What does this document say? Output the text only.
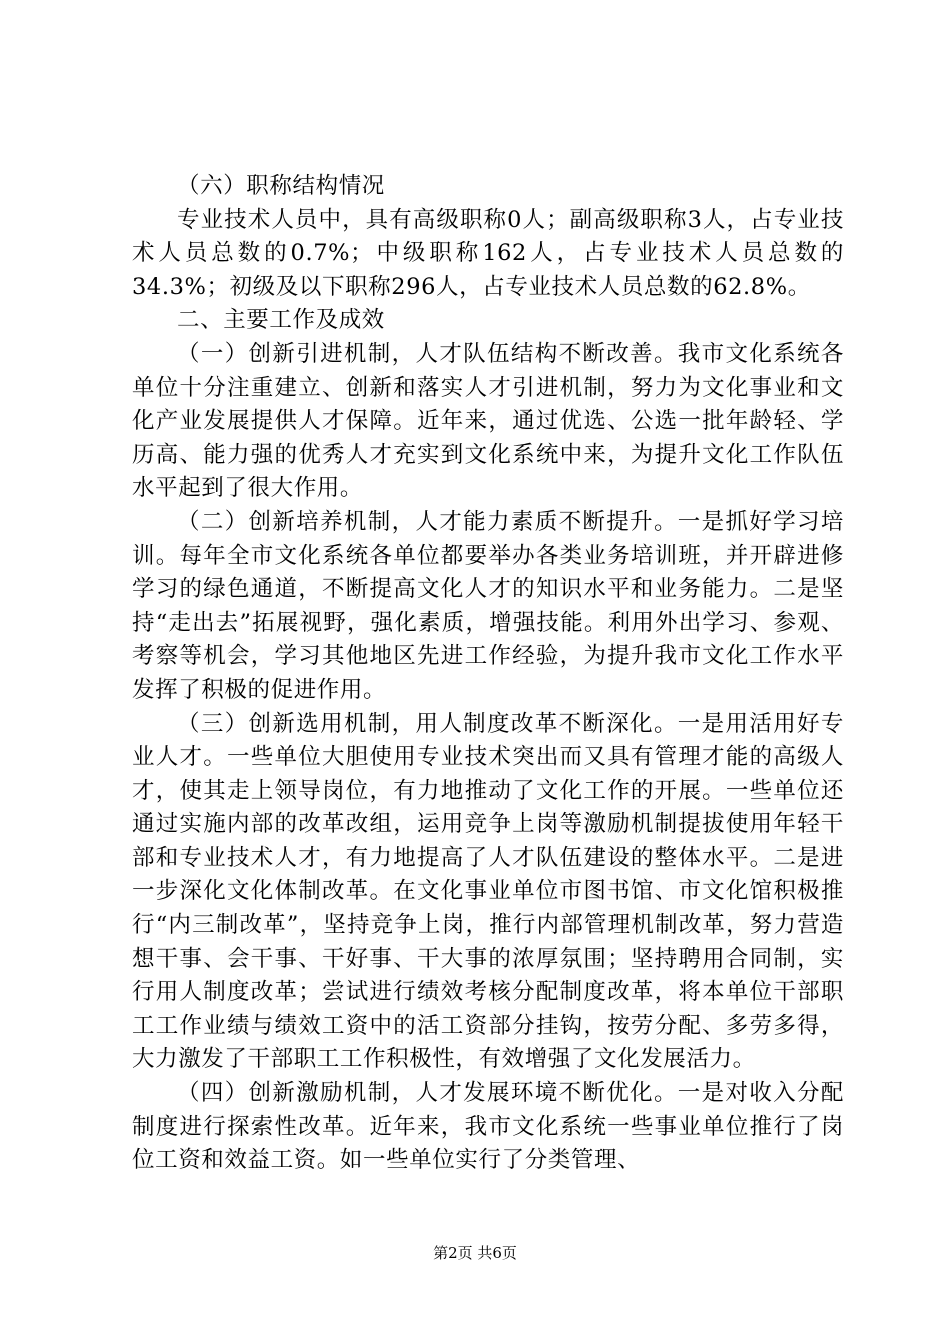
（六）职称结构情况

专业技术人员中，具有高级职称0人；副高级职称3人，占专业技术人员总数的0.7%；中级职称162人，占专业技术人员总数的34.3%；初级及以下职称296人，占专业技术人员总数的62.8%。

二、主要工作及成效

（一）创新引进机制，人才队伍结构不断改善。我市文化系统各单位十分注重建立、创新和落实人才引进机制，努力为文化事业和文化产业发展提供人才保障。近年来，通过优选、公选一批年龄轻、学历高、能力强的优秀人才充实到文化系统中来，为提升文化工作队伍水平起到了很大作用。

（二）创新培养机制，人才能力素质不断提升。一是抓好学习培训。每年全市文化系统各单位都要举办各类业务培训班，并开辟进修学习的绿色通道，不断提高文化人才的知识水平和业务能力。二是坚持“走出去”拓展视野，强化素质，增强技能。利用外出学习、参观、考察等机会，学习其他地区先进工作经验，为提升我市文化工作水平发挥了积极的促进作用。

（三）创新选用机制，用人制度改革不断深化。一是用活用好专业人才。一些单位大胆使用专业技术突出而又具有管理才能的高级人才，使其走上领导岗位，有力地推动了文化工作的开展。一些单位还通过实施内部的改革改组，运用竞争上岗等激励机制提拔使用年轻干部和专业技术人才，有力地提高了人才队伍建设的整体水平。二是进一步深化文化体制改革。在文化事业单位市图书馆、市文化馆积极推行“内三制改革”，坚持竞争上岗，推行内部管理机制改革，努力营造想干事、会干事、干好事、干大事的浓厚氛围；坚持聘用合同制，实行用人制度改革；尝试进行绩效考核分配制度改革，将本单位干部职工工作业绩与绩效工资中的活工资部分挂钩，按劳分配、多劳多得，大力激发了干部职工工作积极性，有效增强了文化发展活力。

（四）创新激励机制，人才发展环境不断优化。一是对收入分配制度进行探索性改革。近年来，我市文化系统一些事业单位推行了岗位工资和效益工资。如一些单位实行了分类管理、

第2页 共6页
